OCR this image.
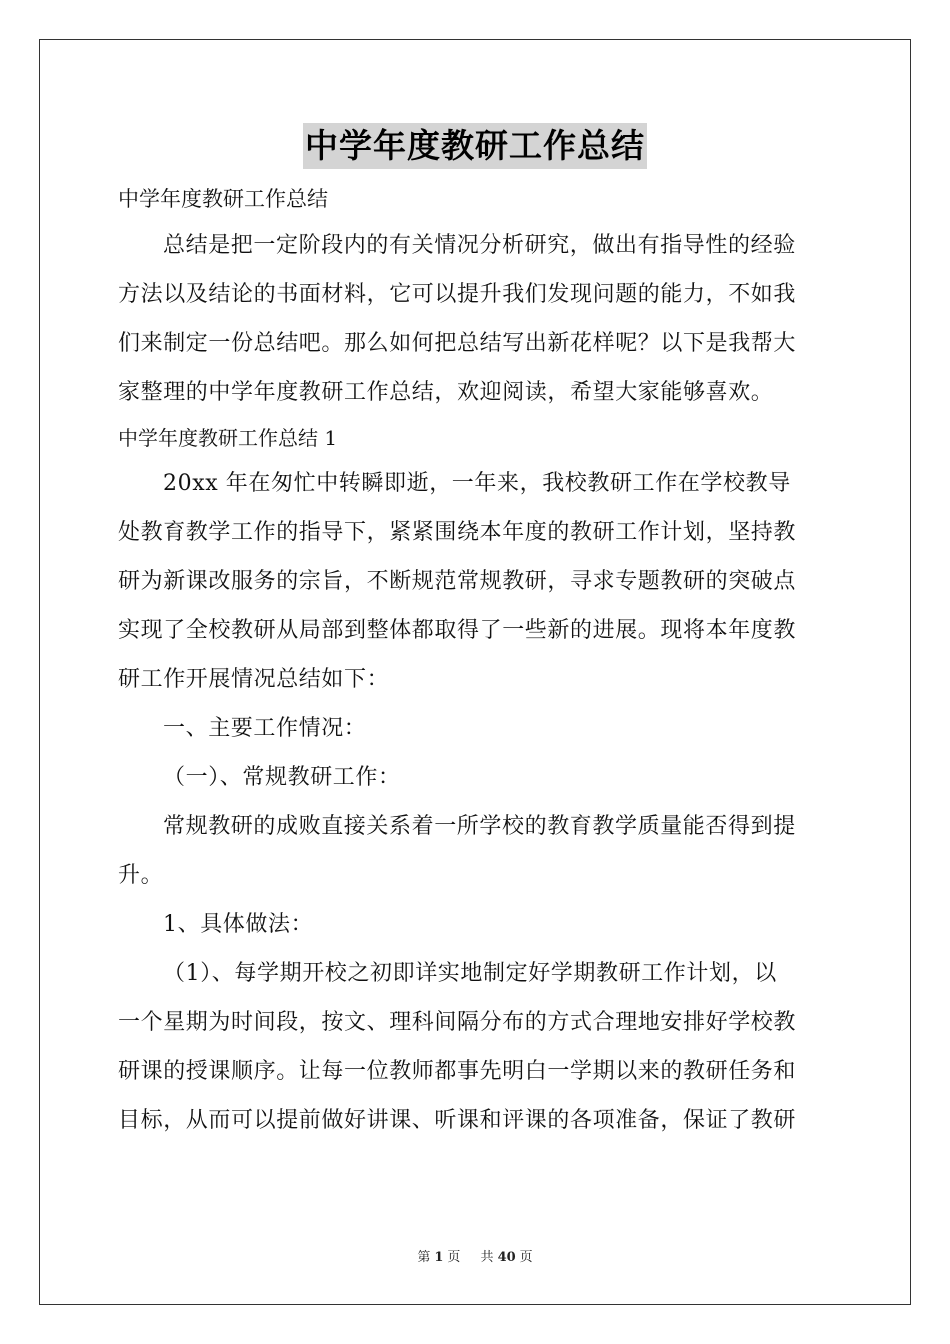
中学年度教研工作总结

中学年度教研工作总结

总结是把一定阶段内的有关情况分析研究，做出有指导性的经验
方法以及结论的书面材料，它可以提升我们发现问题的能力，不如我
们来制定一份总结吧。那么如何把总结写出新花样呢？以下是我帮大
家整理的中学年度教研工作总结，欢迎阅读，希望大家能够喜欢。

中学年度教研工作总结 1

20xx 年在匆忙中转瞬即逝，一年来，我校教研工作在学校教导
处教育教学工作的指导下，紧紧围绕本年度的教研工作计划，坚持教
研为新课改服务的宗旨，不断规范常规教研，寻求专题教研的突破点
实现了全校教研从局部到整体都取得了一些新的进展。现将本年度教
研工作开展情况总结如下：
一、主要工作情况：
（一）、常规教研工作：
常规教研的成败直接关系着一所学校的教育教学质量能否得到提
升。
1、具体做法：
（1）、每学期开校之初即详实地制定好学期教研工作计划，以
一个星期为时间段，按文、理科间隔分布的方式合理地安排好学校教
研课的授课顺序。让每一位教师都事先明白一学期以来的教研任务和
目标，从而可以提前做好讲课、听课和评课的各项准备，保证了教研
第 1 页 共 40 页
